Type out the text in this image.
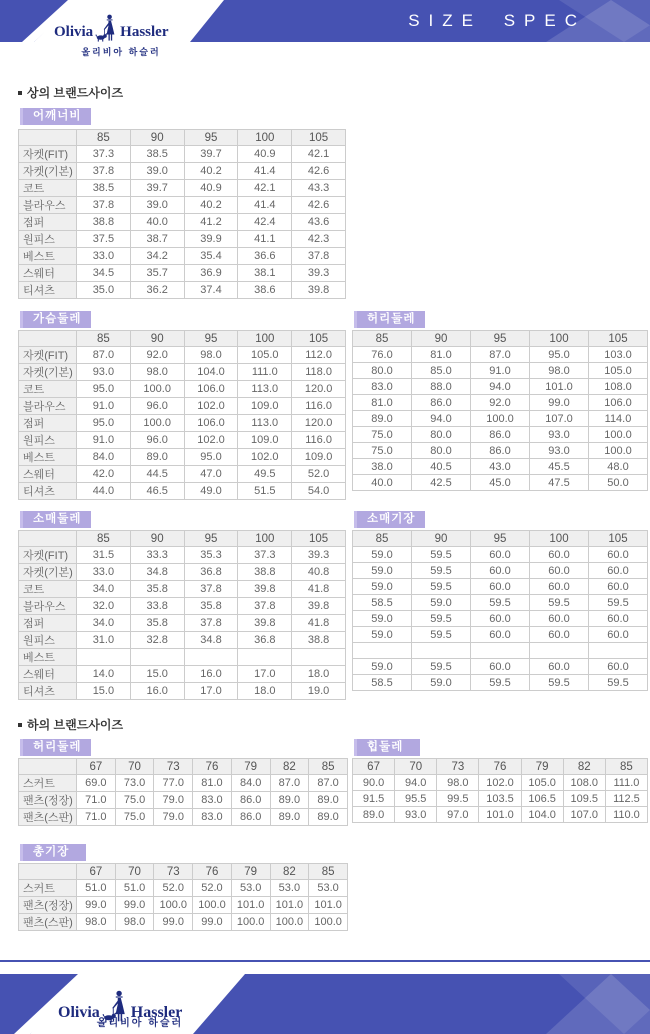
SIZE SPEC
Olivia Hassler
올리비아 하슬러
상의 브랜드사이즈
어깨너비
	85	90	95	100	105
자켓(FIT)	37.3	38.5	39.7	40.9	42.1
자켓(기본)	37.8	39.0	40.2	41.4	42.6
코트	38.5	39.7	40.9	42.1	43.3
블라우스	37.8	39.0	40.2	41.4	42.6
점퍼	38.8	40.0	41.2	42.4	43.6
원피스	37.5	38.7	39.9	41.1	42.3
베스트	33.0	34.2	35.4	36.6	37.8
스웨터	34.5	35.7	36.9	38.1	39.3
티셔츠	35.0	36.2	37.4	38.6	39.8
가슴둘레
	85	90	95	100	105
자켓(FIT)	87.0	92.0	98.0	105.0	112.0
자켓(기본)	93.0	98.0	104.0	111.0	118.0
코트	95.0	100.0	106.0	113.0	120.0
블라우스	91.0	96.0	102.0	109.0	116.0
점퍼	95.0	100.0	106.0	113.0	120.0
원피스	91.0	96.0	102.0	109.0	116.0
베스트	84.0	89.0	95.0	102.0	109.0
스웨터	42.0	44.5	47.0	49.5	52.0
티셔츠	44.0	46.5	49.0	51.5	54.0
허리둘레
85	90	95	100	105
76.0	81.0	87.0	95.0	103.0
80.0	85.0	91.0	98.0	105.0
83.0	88.0	94.0	101.0	108.0
81.0	86.0	92.0	99.0	106.0
89.0	94.0	100.0	107.0	114.0
75.0	80.0	86.0	93.0	100.0
75.0	80.0	86.0	93.0	100.0
38.0	40.5	43.0	45.5	48.0
40.0	42.5	45.0	47.5	50.0
소매둘레
	85	90	95	100	105
자켓(FIT)	31.5	33.3	35.3	37.3	39.3
자켓(기본)	33.0	34.8	36.8	38.8	40.8
코트	34.0	35.8	37.8	39.8	41.8
블라우스	32.0	33.8	35.8	37.8	39.8
점퍼	34.0	35.8	37.8	39.8	41.8
원피스	31.0	32.8	34.8	36.8	38.8
베스트					
스웨터	14.0	15.0	16.0	17.0	18.0
티셔츠	15.0	16.0	17.0	18.0	19.0
소매기장
85	90	95	100	105
59.0	59.5	60.0	60.0	60.0
59.0	59.5	60.0	60.0	60.0
59.0	59.5	60.0	60.0	60.0
58.5	59.0	59.5	59.5	59.5
59.0	59.5	60.0	60.0	60.0
59.0	59.5	60.0	60.0	60.0

59.0	59.5	60.0	60.0	60.0
58.5	59.0	59.5	59.5	59.5
하의 브랜드사이즈
허리둘레
	67	70	73	76	79	82	85
스커트	69.0	73.0	77.0	81.0	84.0	87.0	87.0
팬츠(정장)	71.0	75.0	79.0	83.0	86.0	89.0	89.0
팬츠(스판)	71.0	75.0	79.0	83.0	86.0	89.0	89.0
힙둘레
67	70	73	76	79	82	85
90.0	94.0	98.0	102.0	105.0	108.0	111.0
91.5	95.5	99.5	103.5	106.5	109.5	112.5
89.0	93.0	97.0	101.0	104.0	107.0	110.0
총기장
	67	70	73	76	79	82	85
스커트	51.0	51.0	52.0	52.0	53.0	53.0	53.0
팬츠(정장)	99.0	99.0	100.0	100.0	101.0	101.0	101.0
팬츠(스판)	98.0	98.0	99.0	99.0	100.0	100.0	100.0
Olivia Hassler
올리비아 하슬러
